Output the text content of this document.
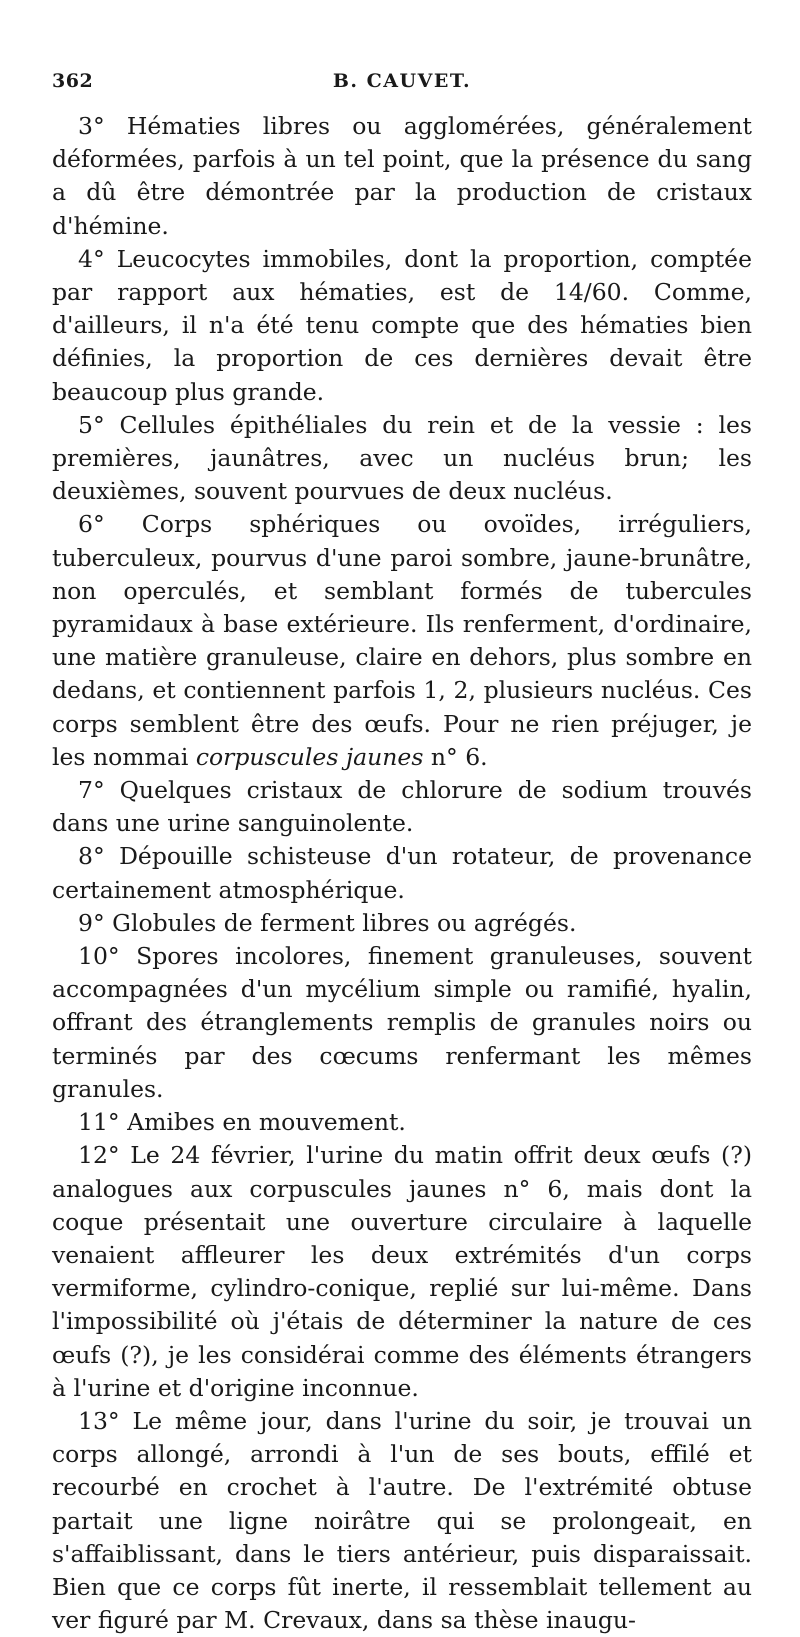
362	B. CAUVET.

3° Hématies libres ou agglomérées, généralement déformées, parfois à un tel point, que la présence du sang a dû être démontrée par la production de cristaux d'hémine.

4° Leucocytes immobiles, dont la proportion, comptée par rapport aux hématies, est de 14/60. Comme, d'ailleurs, il n'a été tenu compte que des hématies bien définies, la proportion de ces dernières devait être beaucoup plus grande.

5° Cellules épithéliales du rein et de la vessie : les premières, jaunâtres, avec un nucléus brun; les deuxièmes, souvent pourvues de deux nucléus.

6° Corps sphériques ou ovoïdes, irréguliers, tuberculeux, pourvus d'une paroi sombre, jaune-brunâtre, non operculés, et semblant formés de tubercules pyramidaux à base extérieure. Ils renferment, d'ordinaire, une matière granuleuse, claire en dehors, plus sombre en dedans, et contiennent parfois 1, 2, plusieurs nucléus. Ces corps semblent être des œufs. Pour ne rien préjuger, je les nommai corpuscules jaunes n° 6.

7° Quelques cristaux de chlorure de sodium trouvés dans une urine sanguinolente.

8° Dépouille schisteuse d'un rotateur, de provenance certainement atmosphérique.

9° Globules de ferment libres ou agrégés.

10° Spores incolores, finement granuleuses, souvent accompagnées d'un mycélium simple ou ramifié, hyalin, offrant des étranglements remplis de granules noirs ou terminés par des cœcums renfermant les mêmes granules.

11° Amibes en mouvement.

12° Le 24 février, l'urine du matin offrit deux œufs (?) analogues aux corpuscules jaunes n° 6, mais dont la coque présentait une ouverture circulaire à laquelle venaient affleurer les deux extrémités d'un corps vermiforme, cylindro-conique, replié sur lui-même. Dans l'impossibilité où j'étais de déterminer la nature de ces œufs (?), je les considérai comme des éléments étrangers à l'urine et d'origine inconnue.

13° Le même jour, dans l'urine du soir, je trouvai un corps allongé, arrondi à l'un de ses bouts, effilé et recourbé en crochet à l'autre. De l'extrémité obtuse partait une ligne noirâtre qui se prolongeait, en s'affaiblissant, dans le tiers antérieur, puis disparaissait. Bien que ce corps fût inerte, il ressemblait tellement au ver figuré par M. Crevaux, dans sa thèse inaugu-
